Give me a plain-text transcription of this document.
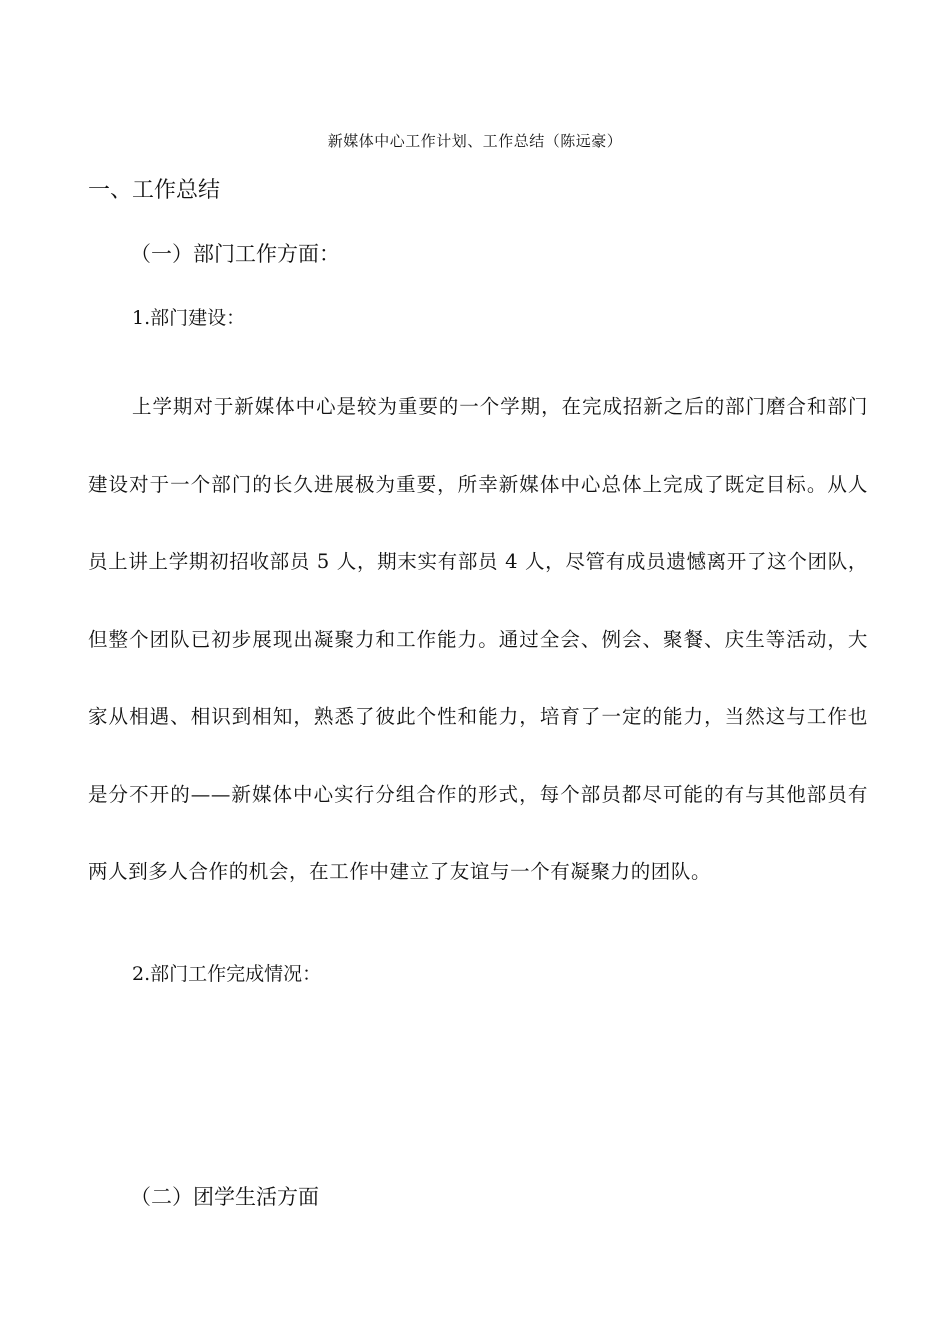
新媒体中心工作计划、工作总结（陈远豪）
一、工作总结
（一）部门工作方面：
1.部门建设：

上学期对于新媒体中心是较为重要的一个学期，在完成招新之后的部门磨合和部门建设对于一个部门的长久进展极为重要，所幸新媒体中心总体上完成了既定目标。从人员上讲上学期初招收部员 5 人，期末实有部员 4 人，尽管有成员遗憾离开了这个团队，但整个团队已初步展现出凝聚力和工作能力。通过全会、例会、聚餐、庆生等活动，大家从相遇、相识到相知，熟悉了彼此个性和能力，培育了一定的能力，当然这与工作也是分不开的——新媒体中心实行分组合作的形式，每个部员都尽可能的有与其他部员有两人到多人合作的机会，在工作中建立了友谊与一个有凝聚力的团队。

2.部门工作完成情况：
（二）团学生活方面
